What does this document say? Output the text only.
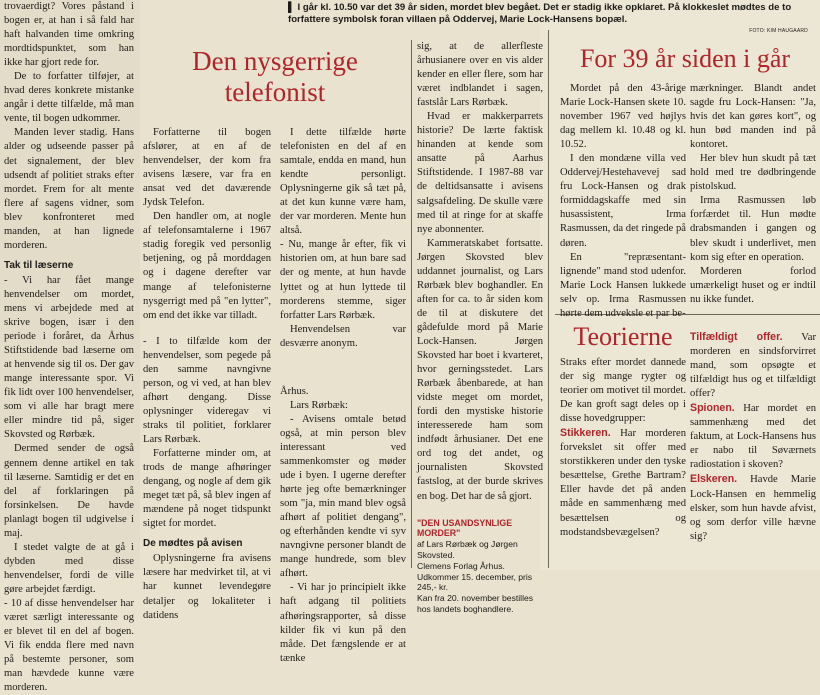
▌ I går kl. 10.50 var det 39 år siden, mordet blev begået. Det er stadig ikke opklaret. På klokkeslet mødtes de to forfattere symbolsk foran villaen på Oddervej, Marie Lock-Hansens bopæl.
FOTO: KIM HAUGAARD

trovaerdigt? Vores påstand i bogen er, at han i så fald har haft halvanden time omkring mordtidspunktet, som han ikke har gjort rede for.

De to forfatter tilføjer, at hvad deres konkrete mistanke angår i dette tilfælde, må man vente, til bogen udkommer.

Manden lever stadig. Hans alder og udseende passer på det signalement, der blev udsendt af politiet straks efter mordet. Frem for alt mente flere af sagens vidner, som blev konfronteret med manden, at han lignede morderen.

Tak til læserne

- Vi har fået mange henvendelser om mordet, mens vi arbejdede med at skrive bogen, især i den periode i foråret, da Århus Stiftstidende bad læserne om at henvende sig til os. Der gav mange interessante spor. Vi fik lidt over 100 henvendelser, som vi alle har bragt mere eller mindre tid på, siger Skovsted og Rørbæk.

Dermed sender de også gennem denne artikel en tak til læserne. Samtidig er det en del af forklaringen på forsinkelsen. De havde planlagt bogen til udgivelse i maj.

I stedet valgte de at gå i dybden med disse henvendelser, fordi de ville gøre arbejdet færdigt.

- 10 af disse henvendelser har været særligt interessante og er blevet til en del af bogen. Vi fik endda flere med navn på bestemte personer, som man hævdede kunne være morderen.

Den nysgerrige telefonist

Forfatterne til bogen afslører, at en af de henvendelser, der kom fra avisens læsere, var fra en ansat ved det daværende Jydsk Telefon.

Den handler om, at nogle af telefonsamtalerne i 1967 stadig foregik ved personlig betjening, og på morddagen og i dagene derefter var mange af telefonisterne nysgerrigt med på "en lytter", om end det ikke var tilladt.

- I to tilfælde kom der henvendelser, som pegede på den samme navngivne person, og vi ved, at han blev afhørt dengang. Disse oplysninger videregav vi straks til politiet, forklarer Lars Rørbæk.

Forfatterne minder om, at trods de mange afhøringer dengang, og nogle af dem gik meget tæt på, så blev ingen af mændene på noget tidspunkt sigtet for mordet.

De mødtes på avisen

Oplysningerne fra avisens læsere har medvirket til, at vi har kunnet levendegøre detaljer og lokaliteter i datidens

I dette tilfælde hørte telefonisten en del af en samtale, endda en mand, hun kendte personligt. Oplysningerne gik så tæt på, at det kun kunne være ham, der var morderen. Mente hun altså.

- Nu, mange år efter, fik vi historien om, at hun bare sad der og mente, at hun havde lyttet og at hun lyttede til morderens stemme, siger forfatter Lars Rørbæk.

Henvendelsen var desværre anonym.

Århus.

Lars Rørbæk:

- Avisens omtale betød også, at min person blev interessant ved sammenkomster og møder ude i byen. I ugerne derefter hørte jeg ofte bemærkninger som "ja, min mand blev også afhørt af politiet dengang", og efterhånden kendte vi syv navngivne personer blandt de mange hundrede, som blev afhørt.

- Vi har jo principielt ikke haft adgang til politiets afhøringsrapporter, så disse kilder fik vi kun på den måde. Det fængslende er at tænke

sig, at de allerfleste århusianere over en vis alder kender en eller flere, som har været indblandet i sagen, fastslår Lars Rørbæk.

Hvad er makkerparrets historie? De lærte faktisk hinanden at kende som ansatte på Aarhus Stiftstidende. I 1987-88 var de deltidsansatte i avisens salgsafdeling. De skulle være med til at ringe for at skaffe nye abonnenter.

Kammeratskabet fortsatte. Jørgen Skovsted blev uddannet journalist, og Lars Rørbæk blev boghandler. En aften for ca. to år siden kom de til at diskutere det gådefulde mord på Marie Lock-Hansen. Jørgen Skovsted har boet i kvarteret, hvor gerningsstedet. Lars Rørbæk åbenbarede, at han vidste meget om mordet, fordi den mystiske historie interesserede ham som indfødt århusianer. Det ene ord tog det andet, og journalisten Skovsted fastslog, at der burde skrives en bog. Det har de så gjort.

"DEN USANDSYNLIGE MORDER"
af Lars Rørbæk og Jørgen Skovsted.
Clemens Forlag Århus.
Udkommer 15. december, pris 245,- kr.
Kan fra 20. november bestilles hos landets boghandlere.
For 39 år siden i går

Mordet på den 43-årige Marie Lock-Hansen skete 10. november 1967 ved højlys dag mellem kl. 10.48 og kl. 10.52.

I den mondæne villa ved Oddervej/Hestehavevej sad fru Lock-Hansen og drak formiddagskaffe med sin husassistent, Irma Rasmussen, da det ringede på døren.

En "repræsentant-lignende" mand stod udenfor. Marie Lock Hansen lukkede selv op. Irma Rasmussen hørte dem udveksle et par be-

mærkninger. Blandt andet sagde fru Lock-Hansen: "Ja, hvis det kan gøres kort", og hun bød manden ind på kontoret.

Her blev hun skudt på tæt hold med tre dødbringende pistolskud.

Irma Rasmussen løb forfærdet til. Hun mødte drabsmanden i gangen og blev skudt i underlivet, men kom sig efter en operation.

Morderen forlod umærkeligt huset og er indtil nu ikke fundet.

Teorierne

Straks efter mordet dannede der sig mange rygter og teorier om motivet til mordet. De kan groft sagt deles op i disse hovedgrupper:

Stikkeren. Har morderen forvekslet sit offer med storstikkeren under den tyske besættelse, Grethe Bartram? Eller havde det på anden måde en sammenhæng med besættelsen og modstandsbevægelsen?

Tilfældigt offer. Var morderen en sindsforvirret mand, som opsøgte et tilfældigt hus og et tilfældigt offer?

Spionen. Har mordet en sammenhæng med det faktum, at Lock-Hansens hus er nabo til Søværnets radiostation i skoven?

Elskeren. Havde Marie Lock-Hansen en hemmelig elsker, som hun havde afvist, og som derfor ville hævne sig?
